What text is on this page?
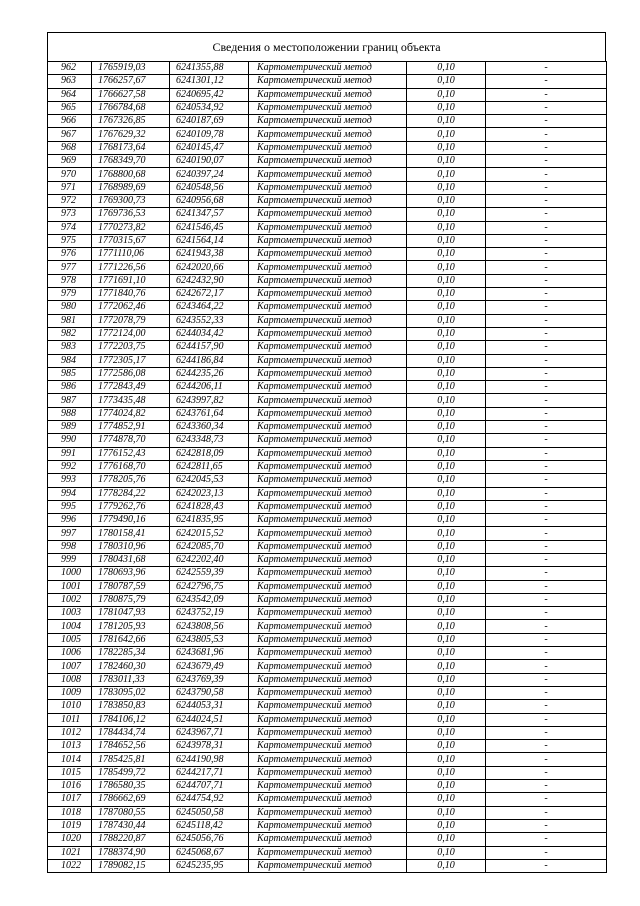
Сведения о местоположении границ объекта
962	1765919,03	6241355,88	Картометрический метод	0,10	-
963	1766257,67	6241301,12	Картометрический метод	0,10	-
964	1766627,58	6240695,42	Картометрический метод	0,10	-
965	1766784,68	6240534,92	Картометрический метод	0,10	-
966	1767326,85	6240187,69	Картометрический метод	0,10	-
967	1767629,32	6240109,78	Картометрический метод	0,10	-
968	1768173,64	6240145,47	Картометрический метод	0,10	-
969	1768349,70	6240190,07	Картометрический метод	0,10	-
970	1768800,68	6240397,24	Картометрический метод	0,10	-
971	1768989,69	6240548,56	Картометрический метод	0,10	-
972	1769300,73	6240956,68	Картометрический метод	0,10	-
973	1769736,53	6241347,57	Картометрический метод	0,10	-
974	1770273,82	6241546,45	Картометрический метод	0,10	-
975	1770315,67	6241564,14	Картометрический метод	0,10	-
976	1771110,06	6241943,38	Картометрический метод	0,10	-
977	1771226,56	6242020,66	Картометрический метод	0,10	-
978	1771691,10	6242432,90	Картометрический метод	0,10	-
979	1771840,76	6242672,17	Картометрический метод	0,10	-
980	1772062,46	6243464,22	Картометрический метод	0,10	-
981	1772078,79	6243552,33	Картометрический метод	0,10	-
982	1772124,00	6244034,42	Картометрический метод	0,10	-
983	1772203,75	6244157,90	Картометрический метод	0,10	-
984	1772305,17	6244186,84	Картометрический метод	0,10	-
985	1772586,08	6244235,26	Картометрический метод	0,10	-
986	1772843,49	6244206,11	Картометрический метод	0,10	-
987	1773435,48	6243997,82	Картометрический метод	0,10	-
988	1774024,82	6243761,64	Картометрический метод	0,10	-
989	1774852,91	6243360,34	Картометрический метод	0,10	-
990	1774878,70	6243348,73	Картометрический метод	0,10	-
991	1776152,43	6242818,09	Картометрический метод	0,10	-
992	1776168,70	6242811,65	Картометрический метод	0,10	-
993	1778205,76	6242045,53	Картометрический метод	0,10	-
994	1778284,22	6242023,13	Картометрический метод	0,10	-
995	1779262,76	6241828,43	Картометрический метод	0,10	-
996	1779490,16	6241835,95	Картометрический метод	0,10	-
997	1780158,41	6242015,52	Картометрический метод	0,10	-
998	1780310,96	6242085,70	Картометрический метод	0,10	-
999	1780431,68	6242202,40	Картометрический метод	0,10	-
1000	1780693,96	6242559,39	Картометрический метод	0,10	-
1001	1780787,59	6242796,75	Картометрический метод	0,10	-
1002	1780875,79	6243542,09	Картометрический метод	0,10	-
1003	1781047,93	6243752,19	Картометрический метод	0,10	-
1004	1781205,93	6243808,56	Картометрический метод	0,10	-
1005	1781642,66	6243805,53	Картометрический метод	0,10	-
1006	1782285,34	6243681,96	Картометрический метод	0,10	-
1007	1782460,30	6243679,49	Картометрический метод	0,10	-
1008	1783011,33	6243769,39	Картометрический метод	0,10	-
1009	1783095,02	6243790,58	Картометрический метод	0,10	-
1010	1783850,83	6244053,31	Картометрический метод	0,10	-
1011	1784106,12	6244024,51	Картометрический метод	0,10	-
1012	1784434,74	6243967,71	Картометрический метод	0,10	-
1013	1784652,56	6243978,31	Картометрический метод	0,10	-
1014	1785425,81	6244190,98	Картометрический метод	0,10	-
1015	1785499,72	6244217,71	Картометрический метод	0,10	-
1016	1786580,35	6244707,71	Картометрический метод	0,10	-
1017	1786662,69	6244754,92	Картометрический метод	0,10	-
1018	1787080,55	6245050,58	Картометрический метод	0,10	-
1019	1787430,44	6245118,42	Картометрический метод	0,10	-
1020	1788220,87	6245056,76	Картометрический метод	0,10	-
1021	1788374,90	6245068,67	Картометрический метод	0,10	-
1022	1789082,15	6245235,95	Картометрический метод	0,10	-
